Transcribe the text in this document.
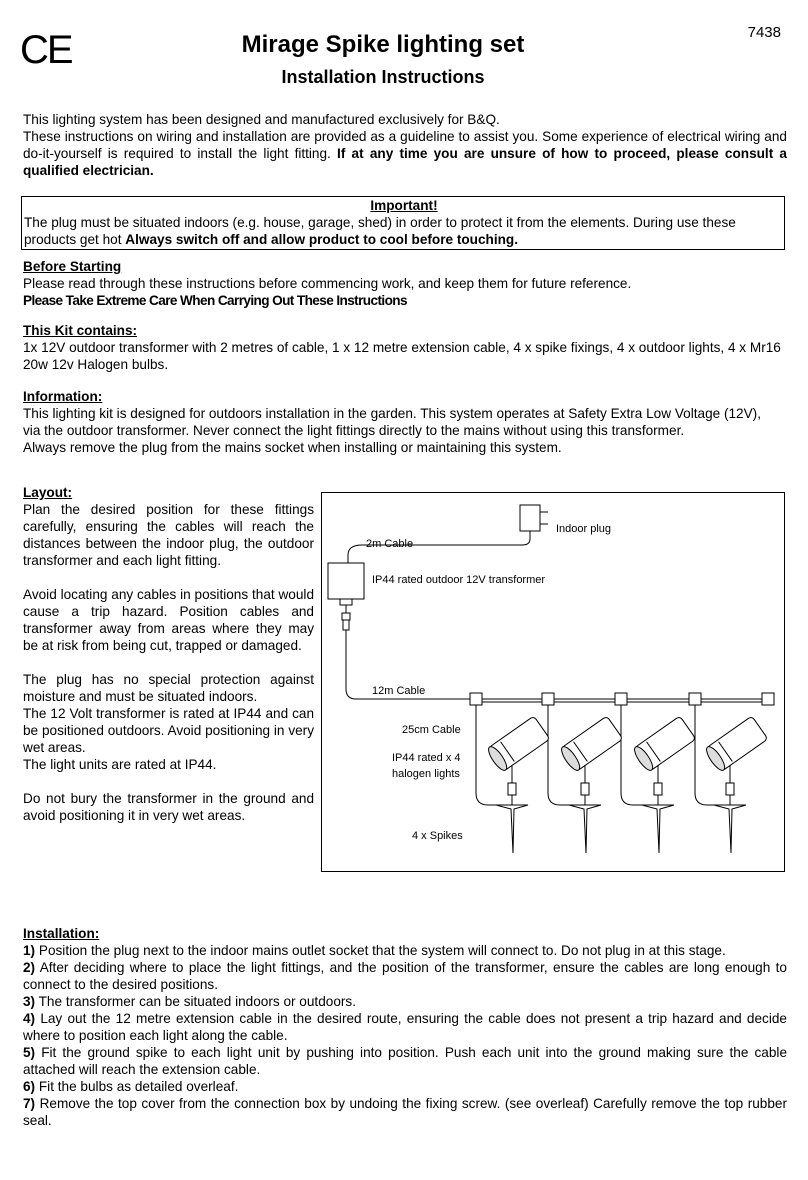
CE	7438
Mirage Spike lighting set
Installation Instructions
This lighting system has been designed and manufactured exclusively for B&Q.
These instructions on wiring and installation are provided as a guideline to assist you. Some experience of electrical wiring and do-it-yourself is required to install the light fitting. If at any time you are unsure of how to proceed, please consult a qualified electrician.
Important!
The plug must be situated indoors (e.g. house, garage, shed) in order to protect it from the elements. During use these products get hot Always switch off and allow product to cool before touching.
Before Starting
Please read through these instructions before commencing work, and keep them for future reference.
Please Take Extreme Care When Carrying Out These Instructions
This Kit contains:
1x 12V outdoor transformer with 2 metres of cable, 1 x 12 metre extension cable, 4 x spike fixings, 4 x outdoor lights, 4 x Mr16 20w 12v Halogen bulbs.
Information:
This lighting kit is designed for outdoors installation in the garden. This system operates at Safety Extra Low Voltage (12V), via the outdoor transformer. Never connect the light fittings directly to the mains without using this transformer.
Always remove the plug from the mains socket when installing or maintaining this system.
Layout:
Plan the desired position for these fittings carefully, ensuring the cables will reach the distances between the indoor plug, the outdoor transformer and each light fitting.
Avoid locating any cables in positions that would cause a trip hazard. Position cables and transformer away from areas where they may be at risk from being cut, trapped or damaged.
The plug has no special protection against moisture and must be situated indoors.
The 12 Volt transformer is rated at IP44 and can be positioned outdoors. Avoid positioning in very wet areas.
The light units are rated at IP44.
Do not bury the transformer in the ground and avoid positioning it in very wet areas.
Indoor plug
2m Cable
IP44 rated outdoor 12V transformer
12m Cable
25cm Cable
IP44 rated x 4
halogen lights
4 x Spikes
Installation:
1) Position the plug next to the indoor mains outlet socket that the system will connect to. Do not plug in at this stage.
2) After deciding where to place the light fittings, and the position of the transformer, ensure the cables are long enough to connect to the desired positions.
3) The transformer can be situated indoors or outdoors.
4) Lay out the 12 metre extension cable in the desired route, ensuring the cable does not present a trip hazard and decide where to position each light along the cable.
5) Fit the ground spike to each light unit by pushing into position. Push each unit into the ground making sure the cable attached will reach the extension cable.
6) Fit the bulbs as detailed overleaf.
7) Remove the top cover from the connection box by undoing the fixing screw. (see overleaf) Carefully remove the top rubber seal.
